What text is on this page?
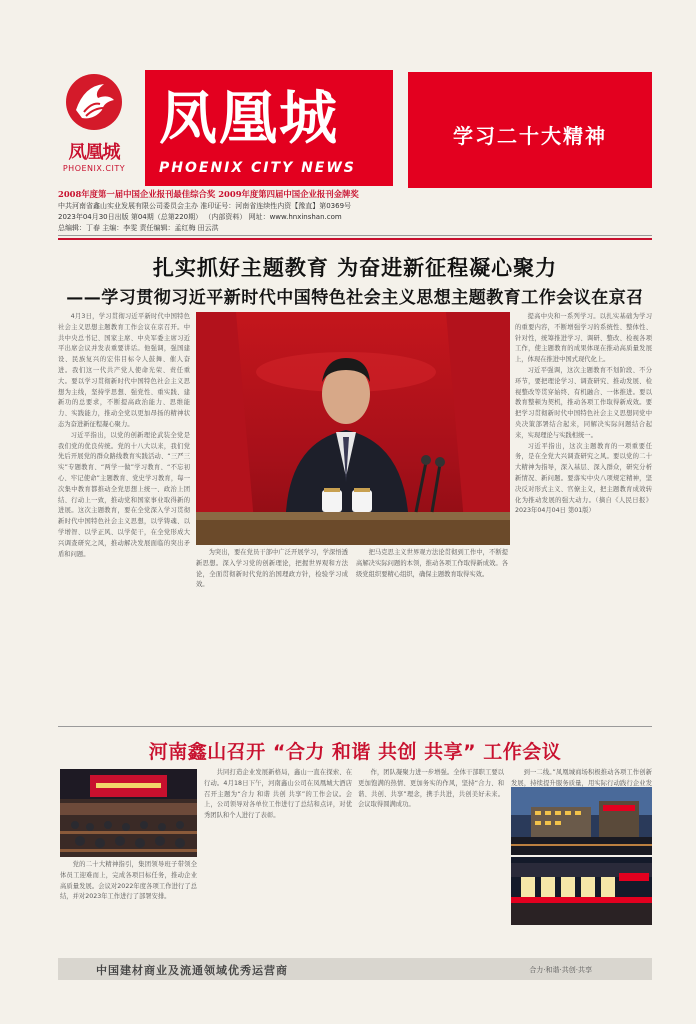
凤凰城
PHOENIX.CITY
凤凰城
PHOENIX CITY NEWS
学习二十大精神
2008年度第一届中国企业报刊最佳综合奖 2009年度第四届中国企业报刊金牌奖
中共河南省鑫山实业发展有限公司委员会主办 准印证号：河南省连续性内资【豫直】第0369号
2023年04月30日出版 第04期（总第220期） （内部资料） 网址：www.hnxinshan.com
总编辑：丁春 主编：李雯 责任编辑：孟红梅 田云洪
扎实抓好主题教育 为奋进新征程凝心聚力
——学习贯彻习近平新时代中国特色社会主义思想主题教育工作会议在京召

4月3日，学习贯彻习近平新时代中国特色社会主义思想主题教育工作会议在京召开。中共中央总书记、国家主席、中央军委主席习近平出席会议并发表重要讲话。他强调，强国建设、民族复兴的宏伟目标令人鼓舞、催人奋进。我们这一代共产党人使命光荣、责任重大。要以学习贯彻新时代中国特色社会主义思想为主线，坚持学思想、强党性、重实践、建新功的总要求，不断提高政治能力、思维能力、实践能力，推动全党以更加昂扬的精神状态为奋进新征程凝心聚力。

习近平指出，以党的创新理论武装全党是我们党的优良传统。党的十八大以来，我们党先后开展党的群众路线教育实践活动、“三严三实”专题教育、“两学一做”学习教育、“不忘初心、牢记使命”主题教育、党史学习教育，每一次集中教育都推动全党思想上统一、政治上团结、行动上一致，推动党和国家事业取得新的进展。这次主题教育，要在全党深入学习贯彻新时代中国特色社会主义思想，以学铸魂、以学增智、以学正风、以学促干，在全党形成大兴调查研究之风，推动解决发展面临的突出矛盾和问题。	为突出，要在党员干部中广泛开展学习，学深悟透新思想。深入学习党的创新理论，把握世界观和方法论，全面贯彻新时代党的治国理政方针，检验学习成效。

把马克思主义世界观方法论贯彻到工作中，不断提高解决实际问题的本领，推动各项工作取得新成效。各级党组织要精心组织，确保主题教育取得实效。

提高中央和一系列学习。以扎实基础为学习的重要内容，不断增强学习的系统性、整体性、针对性，统筹推进学习、调研、整改、检视各项工作，使主题教育的成果体现在推动高质量发展上，体现在推进中国式现代化上。

习近平强调，这次主题教育不划阶段、不分环节，要把理论学习、调查研究、推动发展、检视整改等贯穿始终、有机融合、一体推进。要以教育整顿为契机，推动各项工作取得新成效。要把学习贯彻新时代中国特色社会主义思想同党中央决策部署结合起来，同解决实际问题结合起来，实现理论与实践相统一。

习近平指出，这次主题教育的一项重要任务，是在全党大兴调查研究之风。要以党的二十大精神为指导，深入基层、深入群众，研究分析新情况、新问题。要落实中央八项规定精神，坚决反对形式主义、官僚主义，把主题教育成效转化为推动发展的强大动力。（摘自《人民日报》2023年04月04日 第01版）

河南鑫山召开 “合力 和谐 共创 共享” 工作会议

党的二十大精神指引，集团领导班子带领全体员工迎难而上，完成各项目标任务，推动企业高质量发展。会议对2022年度各项工作进行了总结，并对2023年工作进行了部署安排。

共同打造企业发展新格局，鑫山一直在探索、在行动。4月18日下午，河南鑫山公司在凤凰城大酒店召开主题为“合力 和谐 共创 共享”的工作会议。会上，公司领导对各单位工作进行了总结和点评，对优秀团队和个人进行了表彰。

作，团队凝聚力进一步增强。全体干部职工要以更加饱满的热情、更加务实的作风，坚持“合力、和谐、共创、共享”理念，携手共进，共创美好未来。会议取得圆满成功。

到一二线。”凤凰城商场积极推动各项工作创新发展，持续提升服务质量，用实际行动践行企业发

中国建材商业及流通领域优秀运营商	合力·和谐·共创·共享
